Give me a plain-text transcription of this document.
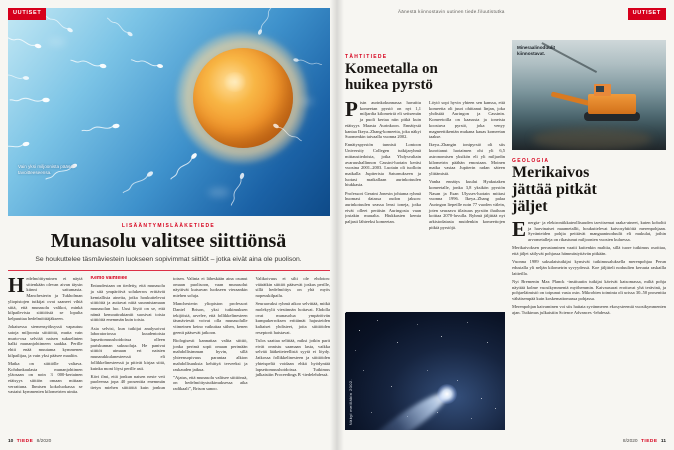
UUTISET
Vain yksi miljoonista pääsee tavoitteeseensa.
LISÄÄNTYMISLÄÄKETIEDE
Munasolu valitsee siittiönsä
Se houkuttelee täsmäviestein luokseen sopivimmat siittiöt – jotka eivät aina ole puolison.

Hedelmöittyminen ei näytä sittenkään olevan aivan täysin kiinni sattumasta. Manchesterin ja Tukholman yliopistojen tutkijat ovat saaneet vihiä siitä, että munasolu valikoi, minkä kilpailevista siittiöistä se lopulta kelpuuttaa hedelmöittäjäkseen.

Jokaisessa siemensyöksyssä vapautuu satoja miljoonia siittiöitä, mutta vain murto-osa selviää naisen sukuelinten halki munanjohtimeen saakka. Perille ehtii enää muutama kymmenen kilpailijaa, ja vain yksi pääsee maaliin.

Matka on siittiölle valtava. Kohdunkaulasta munanjohtimen yläosaan on noin 3 000-kertainen etäisyys siittiön omaan mittaan verrattuna. Ihmisen kokoluokassa se vastaisi kymmenien kilometrien uintia.

Kemo vaihtelee

Entuudestaan on tiedetty, että munasolu ja sitä ympäröivä solukerros erittävät kemiallisia aineita, jotka houkuttelevat siittiöitä ja auttavat niitä suunnistamaan munasolun luo. Uusi löytö on se, että nämä kemoattraktantit suosivat toisia siittiöitä enemmän kuin toisia.

Asia selvisi, kun tutkijat analysoivat laboratoriossa kuudentoista lapsettomuushoidoissa olleen pariskunnan sukusoluja. He panivat siittiöt uimaan eri naisten munarakkulanesteessä eli follikkelinesteessä ja pitivät kirjaa siitä, kuinka moni löysi perille asti.

Kävi ilmi, että jonkun naisen neste veti puoleensa jopa 40 prosenttia enemmän tietyn miehen siittiöitä kuin jonkun toisen. Valinta ei läheskään aina osunut omaan puolisoon, vaan munasolut näyttivät kutsuvan luokseen vieraankin miehen soluja.

Manchesterin yliopiston professori Daniel Brison, yksi tutkimuksen tekijöistä, arvelee, että follikkelinesteen täsmäviestit voivat olla munasolulle viimeinen keino vaikuttaa siihen, kenen geenit pääsevät jatkoon.

Biologisesti kannattaa valita siittiö, jonka perimä sopii omaan perimään mahdollisimman hyvin, sillä yhteensopivuus parantaa alkion mahdollisuuksia kehittyä terveeksi ja raskauden jatkua.

”Ajatus, että munasolu valitsee siittiönsä, on hedelmöitystutkimuksessa aika radikaali”, Brison sanoo.

Valikoivuus ei silti ole ehdoton: väärätkin siittiöt pääsevät joskus perille, sillä hedelmöitys on yhä myös nopeuskilpailu.

Seuraavaksi ryhmä aikoo selvittää, mitkä molekyylit viestinnän hoitavat. Ehdolla ovat munasolua ympäröivän kumpukerroksen erittämät hajusteiden kaltaiset yhdisteet, joita siittiöiden reseptorit haistavat.

Tulos saattaa selittää, miksi jotkin parit eivät onnistu saamaan lasta, vaikka selvää lääketieteellistä syytä ei löydy. Jatkossa follikkelinesteen ja siittiöiden yhteispeliä voidaan ehkä hyödyntää lapsettomuushoidoissa. Tutkimus julkaistiin Proceedings B -tiedelehdessä.

10 TIEDE 8/2020
Äänestä kiinnostavin uutinen tiede.fi/uutistutka	UUTISET
TÄHTITIEDE
Komeetalla on huikea pyrstö

Pisin aurinkokunnassa havaittu komeetan pyrstö on nyt 1,1 miljardia kilometriä eli seitsemän ja puoli kertaa niin pitkä kuin etäisyys Maasta Aurinkoon. Ennätystä kantaa Ikeya–Zhang-komeetta, joka näkyi Suomenkin taivaalla vuonna 2002.

Ennätyspyrstön tunnisti Lontoon University Collegen tutkijaryhmä mittaustiedoista, jotka Yhdysvaltain avaruushallinnon Cassini-luotain keräsi vuosina 2001–2003. Luotain oli tuolloin matkalla Jupiterista Saturnukseen ja luotasi matkallaan aurinkotuulen hiukkasia.

Professori Geraint Jonesin johtama ryhmä huomasi datassa oudon jakson: aurinkotuulen seassa lensi ioneja, jotka eivät olleet peräisin Auringosta vaan jostakin muualta. Hiukkasten kemia paljasti lähteeksi komeetan.

Löytö sopi hyvin yhteen sen kanssa, että komeetta oli juuri ohittanut linjan, joka yhdistää Auringon ja Cassinin. Komeetoilla on kaasusta ja ioneista koostuva pyrstö, joka venyy magneettikentän mukana kauas komeetan taakse.

Ikeya–Zhangin ionipyrstö oli siis kurottanut luotaimen ohi yli 6,5 astronomisen yksikön eli yli miljardin kilometrin päähän emostaan. Moinen matka vastaa Jupiterin radan säteen ylittämistä.

Vanha ennätys kuului Hyakutaken komeetalle, jonka 3,8 yksikön pyrstön Nasan ja Esan Ulysses-luotain mittasi vuonna 1996. Ikeya–Zhang palaa Auringon liepeille noin 77 vuoden välein, joten seuraava tilaisuus pyrstön ihailuun koittaa 2070-luvulla. Ryhmä jäljittää nyt arkistodatasta muidenkin komeettojen pitkiä pyrstöjä.

Näkyi meilläkin 2002.
Mineraalinoduulit kiinnostavat.
GEOLOGIA
Merikaivos jättää pitkät jäljet

Energia- ja elektroniikkateollisuuden tarvitsemat raaka-aineet, kuten koboltti ja harvinaiset maametallit, houkuttelevat kaivosyhtiöitä merenpohjaan. Syvänteiden pohjia peittävät mangaaninoduulit eli mukulat, joihin arvometalleja on rikastunut miljoonien vuosien kuluessa.

Merikaivoksen perustaminen vaatii kuitenkin malttia, sillä tuore tutkimus osoittaa, että jäljet säilyvät pohjassa hämmästyttävän pitkään.

Vuonna 1989 saksalaistutkijat kynsivät tutkimusaluksella merenpohjaa Perun edustalla yli neljän kilometrin syvyydessä. Koe jäljitteli noduulien keruuta raskailla laitteilla.

Nyt Bremenin Max Planck -instituutin tutkijat kävivät katsomassa, miltä pohja näyttää kolme vuosikymmentä myöhemmin. Kaivausurat erottuvat yhä terävinä, ja pohjaeläimistö on toipunut vasta osin. Mikrobien toiminta oli urissa 30–50 prosenttia vähäisempää kuin koskemattomassa pohjassa.

Merenpohjan kaivaminen voi siis haitata syvänmeren ekosysteemiä vuosikymmenten ajan. Tutkimus julkaistiin Science Advances -lehdessä.

8/2020 TIEDE 11
